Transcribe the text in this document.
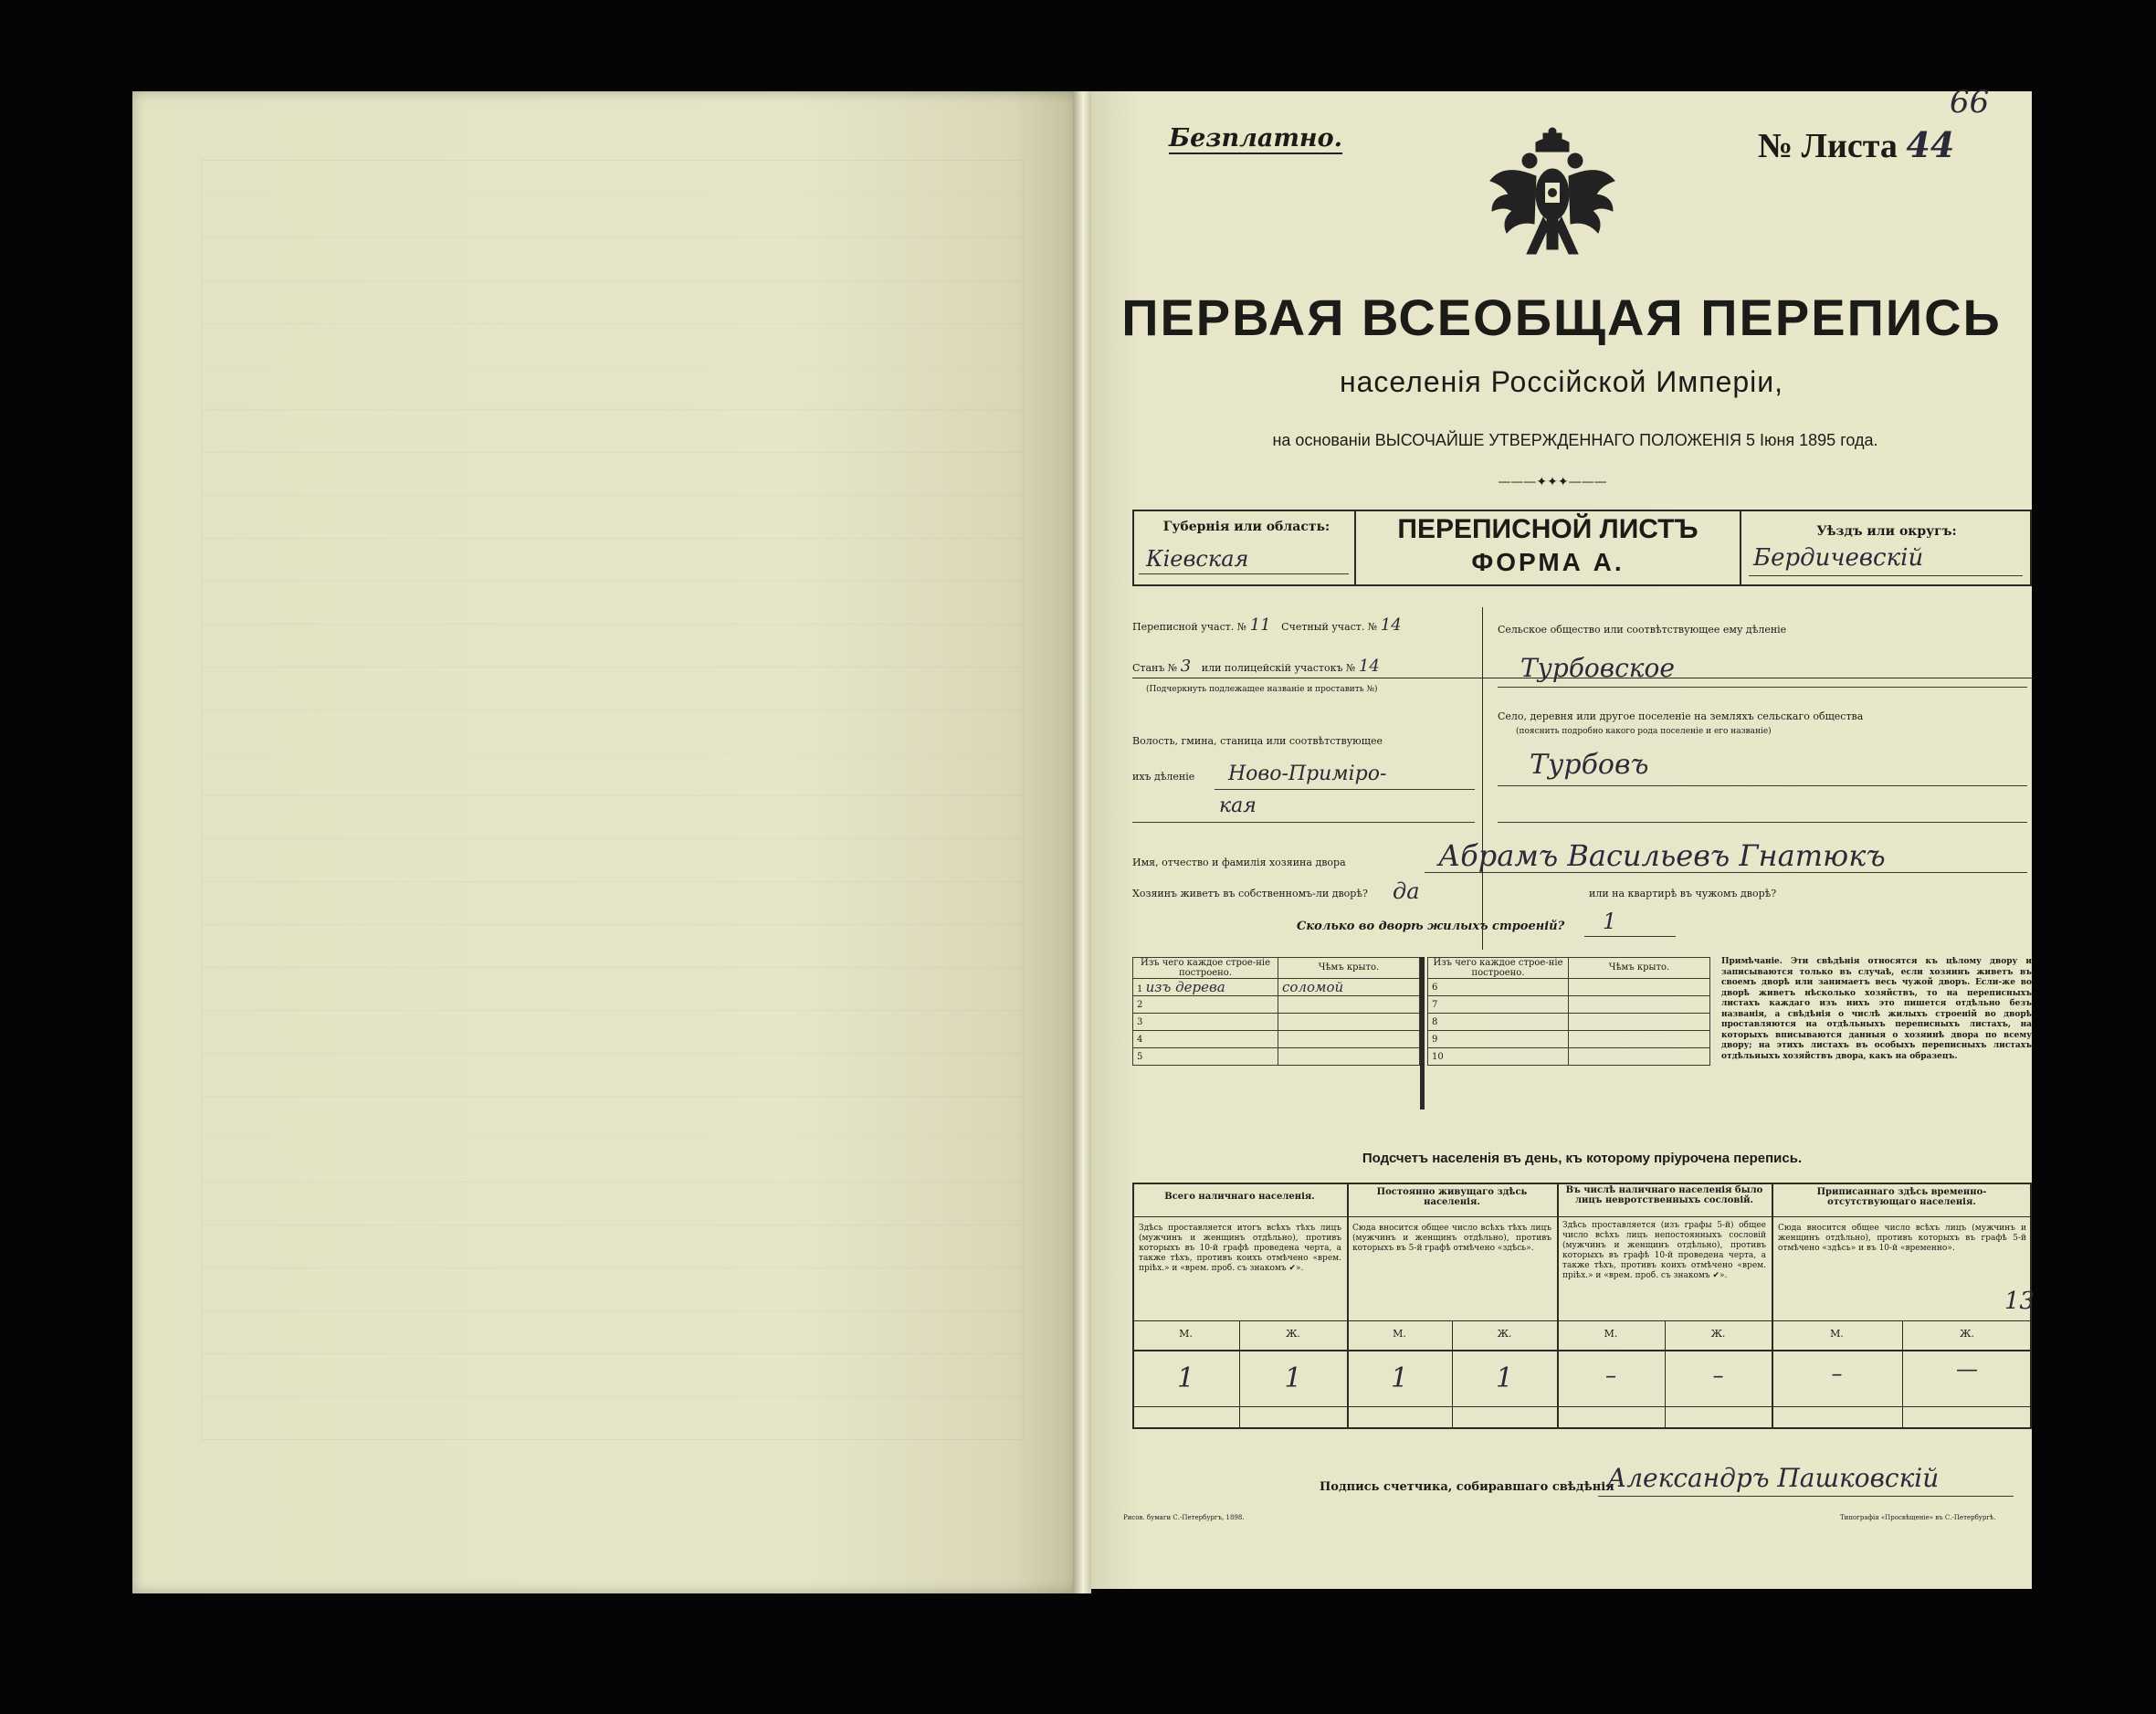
Безплатно.	№ Листа 44
66
ПЕРВАЯ ВСЕОБЩАЯ ПЕРЕПИСЬ
населенія Россійской Имперіи,
на основаніи ВЫСОЧАЙШЕ УТВЕРЖДЕННАГО ПОЛОЖЕНІЯ 5 Іюня 1895 года.
———✦✦✦———
Губернія или область:
Кіевская
ПЕРЕПИСНОЙ ЛИСТЪ
ФОРМА А.
Уѣздъ или округъ:
Бердичевскій
Переписной участ. № 11 Счетный участ. № 14
Станъ № 3 или полицейскій участокъ № 14
(Подчеркнуть подлежащее названіе и проставить №)
Волость, гмина, станица или соотвѣтствующее
ихъ дѣленіе Ново-Приміро-
кая
Сельское общество или соотвѣтствующее ему дѣленіе
Турбовское
Село, деревня или другое поселеніе на земляхъ сельскаго общества
(пояснить подробно какого рода поселеніе и его названіе)
Турбовъ
Имя, отчество и фамилія хозяина двора	Абрамъ Васильевъ Гнатюкъ
Хозяинъ живетъ въ собственномъ-ли дворѣ? да	или на квартирѣ въ чужомъ дворѣ?
Сколько во дворѣ жилыхъ строеній? 1
Изъ чего каждое строе-ніе построено.	Чѣмъ крыто.
1 изъ дерева	соломой
2	
3	
4	
5	
Изъ чего каждое строе-ніе построено.	Чѣмъ крыто.
6	
7	
8	
9	
10	
Примѣчаніе. Эти свѣдѣнія относятся къ цѣлому двору и записываются только въ случаѣ, если хозяинъ живетъ въ своемъ дворѣ или занимаетъ весь чужой дворъ. Если-же во дворѣ живетъ нѣсколько хозяйствъ, то на переписныхъ листахъ каждаго изъ нихъ это пишется отдѣльно безъ названія, а свѣдѣнія о числѣ жилыхъ строеній во дворѣ проставляются на отдѣльныхъ переписныхъ листахъ, на которыхъ вписываются данныя о хозяинѣ двора по всему двору; на этихъ листахъ въ особыхъ переписныхъ листахъ отдѣльныхъ хозяйствъ двора, какъ на образецъ.
Подсчетъ населенія въ день, къ которому пріурочена перепись.
Всего наличнаго населенія.	Постоянно живущаго здѣсь населенія.
Въ числѣ наличнаго населенія было лицъ невротственныхъ сословій.
Приписаннаго здѣсь временно-отсутствующаго населенія.
Здѣсь проставляется итогъ всѣхъ тѣхъ лицъ (мужчинъ и женщинъ отдѣльно), противъ которыхъ въ 10-й графѣ проведена черта, а также тѣхъ, противъ коихъ отмѣчено «врем. пріѣх.» и «врем. проб. съ знакомъ ✔».
Сюда вносится общее число всѣхъ тѣхъ лицъ (мужчинъ и женщинъ отдѣльно), противъ которыхъ въ 5-й графѣ отмѣчено «здѣсь».
Здѣсь проставляется (изъ графы 5-й) общее число всѣхъ лицъ непостоянныхъ сословій (мужчинъ и женщинъ отдѣльно), противъ которыхъ въ графѣ 10-й проведена черта, а также тѣхъ, противъ коихъ отмѣчено «врем. пріѣх.» и «врем. проб. съ знакомъ ✔».
Сюда вносится общее число всѣхъ лицъ (мужчинъ и женщинъ отдѣльно), противъ которыхъ въ графѣ 5-й отмѣчено «здѣсь» и въ 10-й «временно».
М.	Ж.	М.	Ж.	М.	Ж.	М.	Ж.
1	1	1	1	–	–	–	—
13
Подпись счетчика, собиравшаго свѣдѣнія
Александръ Пашковскій
Рисов. бумаги С.-Петербургъ, 1898.	Типографія «Просвѣщеніе» въ С.-Петербургѣ.
